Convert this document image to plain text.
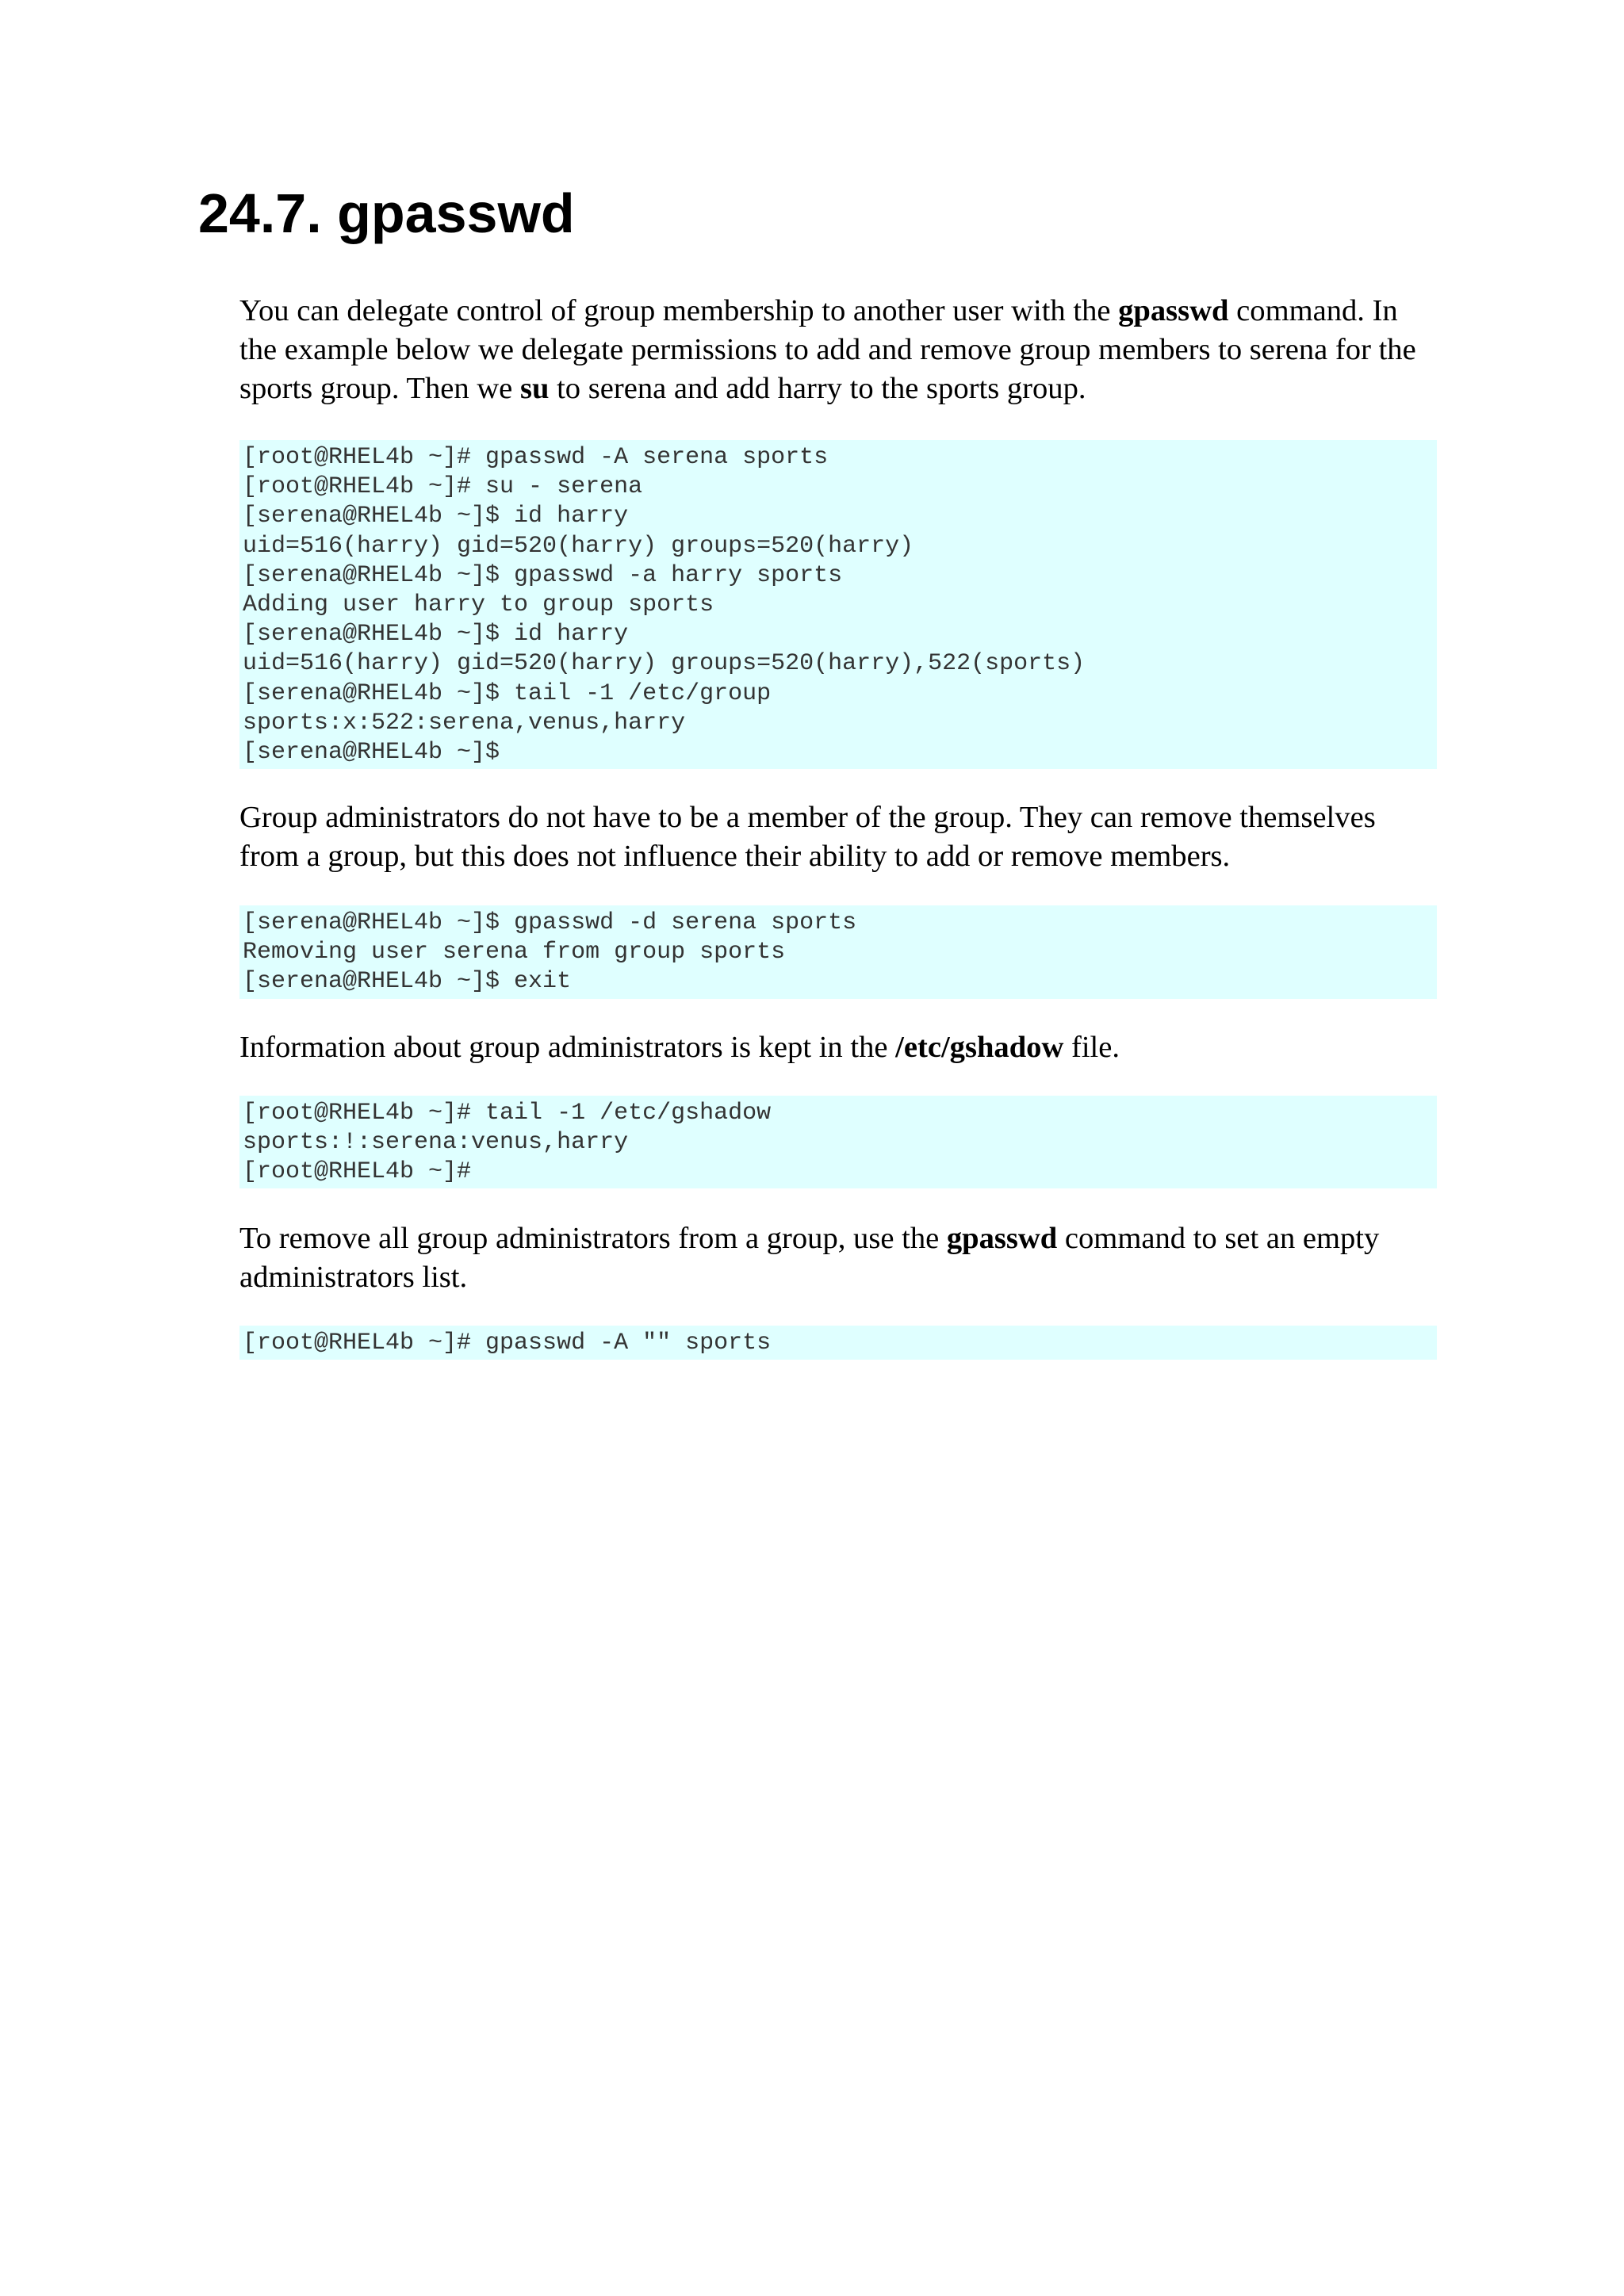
24.7. gpasswd

You can delegate control of group membership to another user with the gpasswd command. In the example below we delegate permissions to add and remove group members to serena for the sports group. Then we su to serena and add harry to the sports group.

[root@RHEL4b ~]# gpasswd -A serena sports
[root@RHEL4b ~]# su - serena
[serena@RHEL4b ~]$ id harry
uid=516(harry) gid=520(harry) groups=520(harry)
[serena@RHEL4b ~]$ gpasswd -a harry sports
Adding user harry to group sports
[serena@RHEL4b ~]$ id harry
uid=516(harry) gid=520(harry) groups=520(harry),522(sports)
[serena@RHEL4b ~]$ tail -1 /etc/group
sports:x:522:serena,venus,harry
[serena@RHEL4b ~]$

Group administrators do not have to be a member of the group. They can remove themselves from a group, but this does not influence their ability to add or remove members.

[serena@RHEL4b ~]$ gpasswd -d serena sports
Removing user serena from group sports
[serena@RHEL4b ~]$ exit

Information about group administrators is kept in the /etc/gshadow file.

[root@RHEL4b ~]# tail -1 /etc/gshadow
sports:!:serena:venus,harry
[root@RHEL4b ~]#

To remove all group administrators from a group, use the gpasswd command to set an empty administrators list.

[root@RHEL4b ~]# gpasswd -A "" sports
